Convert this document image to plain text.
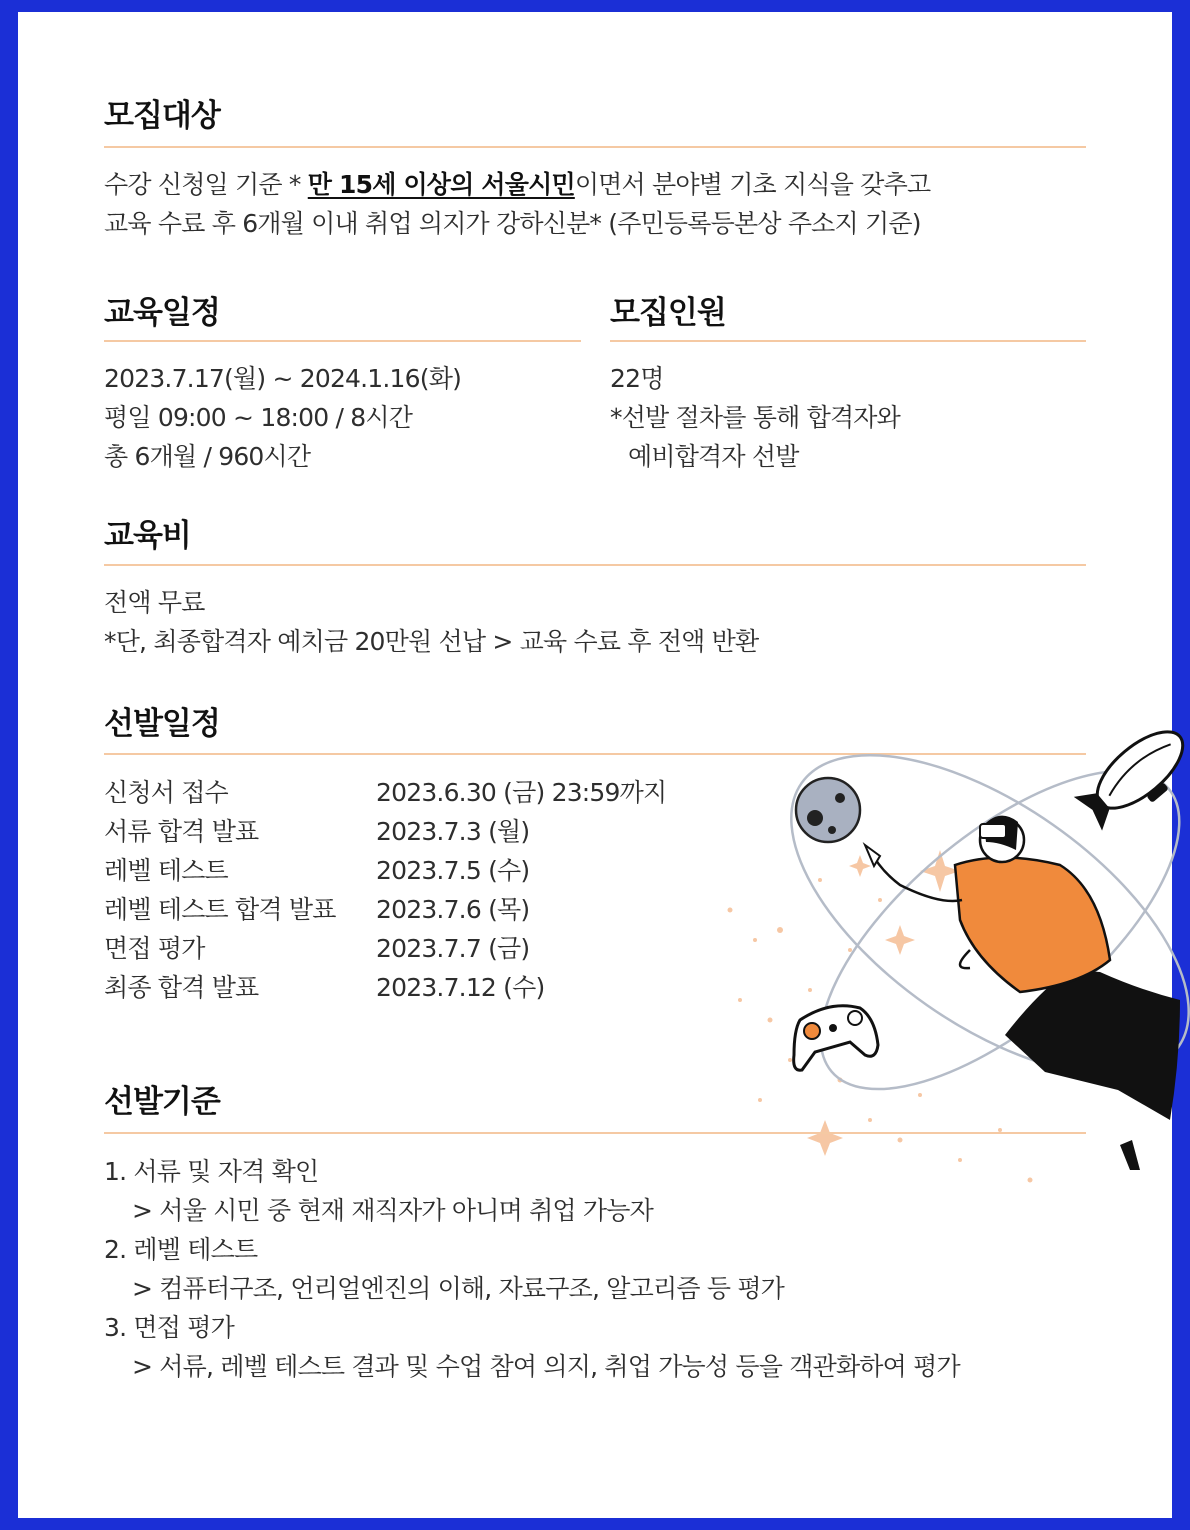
모집대상
수강 신청일 기준 * 만 15세 이상의 서울시민이면서 분야별 기초 지식을 갖추고
교육 수료 후 6개월 이내 취업 의지가 강하신분* (주민등록등본상 주소지 기준)
교육일정
2023.7.17(월) ~ 2024.1.16(화)
평일 09:00 ~ 18:00 / 8시간
총 6개월 / 960시간
모집인원
22명
*선발 절차를 통해 합격자와
예비합격자 선발
교육비
전액 무료
*단, 최종합격자 예치금 20만원 선납 > 교육 수료 후 전액 반환
선발일정
신청서 접수	2023.6.30 (금) 23:59까지
서류 합격 발표	2023.7.3 (월)
레벨 테스트	2023.7.5 (수)
레벨 테스트 합격 발표 2023.7.6 (목)
면접 평가	2023.7.7 (금)
최종 합격 발표	2023.7.12 (수)
선발기준
1. 서류 및 자격 확인
> 서울 시민 중 현재 재직자가 아니며 취업 가능자
2. 레벨 테스트
> 컴퓨터구조, 언리얼엔진의 이해, 자료구조, 알고리즘 등 평가
3. 면접 평가
> 서류, 레벨 테스트 결과 및 수업 참여 의지, 취업 가능성 등을 객관화하여 평가
